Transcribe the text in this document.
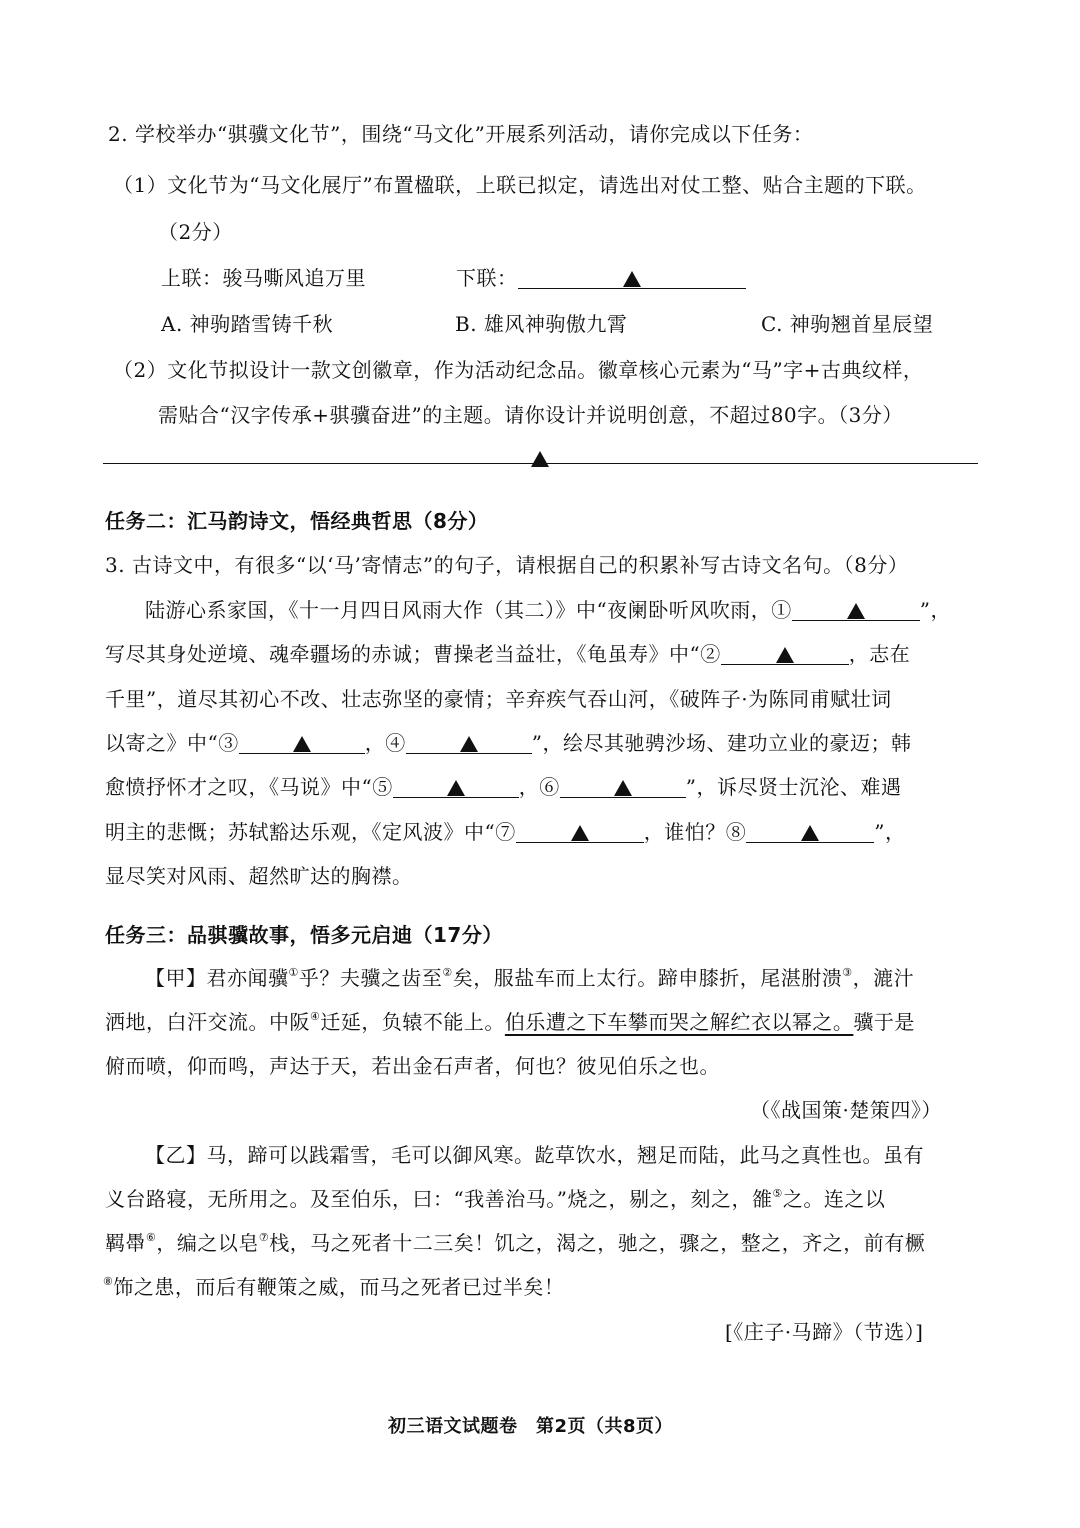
2. 学校举办“骐骥文化节”，围绕“马文化”开展系列活动，请你完成以下任务：
（1）文化节为“马文化展厅”布置楹联，上联已拟定，请选出对仗工整、贴合主题的下联。
（2分）
上联：骏马嘶风追万里	下联：
A. 神驹踏雪铸千秋	B. 雄风神驹傲九霄	C. 神驹翘首星辰望
（2）文化节拟设计一款文创徽章，作为活动纪念品。徽章核心元素为“马”字+古典纹样，
需贴合“汉字传承+骐骥奋进”的主题。请你设计并说明创意，不超过80字。（3分）
任务二：汇马韵诗文，悟经典哲思（8分）
3. 古诗文中，有很多“以‘马’寄情志”的句子，请根据自己的积累补写古诗文名句。（8分）
陆游心系家国，《十一月四日风雨大作（其二）》中“夜阑卧听风吹雨，①	”，
写尽其身处逆境、魂牵疆场的赤诚；曹操老当益壮，《龟虽寿》中“②	，志在
千里”，道尽其初心不改、壮志弥坚的豪情；辛弃疾气吞山河，《破阵子·为陈同甫赋壮词
以寄之》中“③	，④	”，绘尽其驰骋沙场、建功立业的豪迈；韩
愈愤抒怀才之叹，《马说》中“⑤	，⑥	”，诉尽贤士沉沦、难遇
明主的悲慨；苏轼豁达乐观，《定风波》中“⑦	，谁怕？⑧	”，
显尽笑对风雨、超然旷达的胸襟。
任务三：品骐骥故事，悟多元启迪（17分）
【甲】君亦闻骥①乎？夫骥之齿至②矣，服盐车而上太行。蹄申膝折，尾湛胕溃③，漉汁
洒地，白汗交流。中阪④迁延，负辕不能上。伯乐遭之下车攀而哭之解纻衣以幂之。骥于是
俯而喷，仰而鸣，声达于天，若出金石声者，何也？彼见伯乐之也。
（《战国策·楚策四》）
【乙】马，蹄可以践霜雪，毛可以御风寒。龁草饮水，翘足而陆，此马之真性也。虽有
义台路寝，无所用之。及至伯乐，曰：“我善治马。”烧之，剔之，刻之，雒⑤之。连之以
羁馽⑥，编之以皂⑦栈，马之死者十二三矣！饥之，渴之，驰之，骤之，整之，齐之，前有橛
⑧饰之患，而后有鞭策之威，而马之死者已过半矣！
[《庄子·马蹄》（节选）]
初三语文试题卷　第2页（共8页）
